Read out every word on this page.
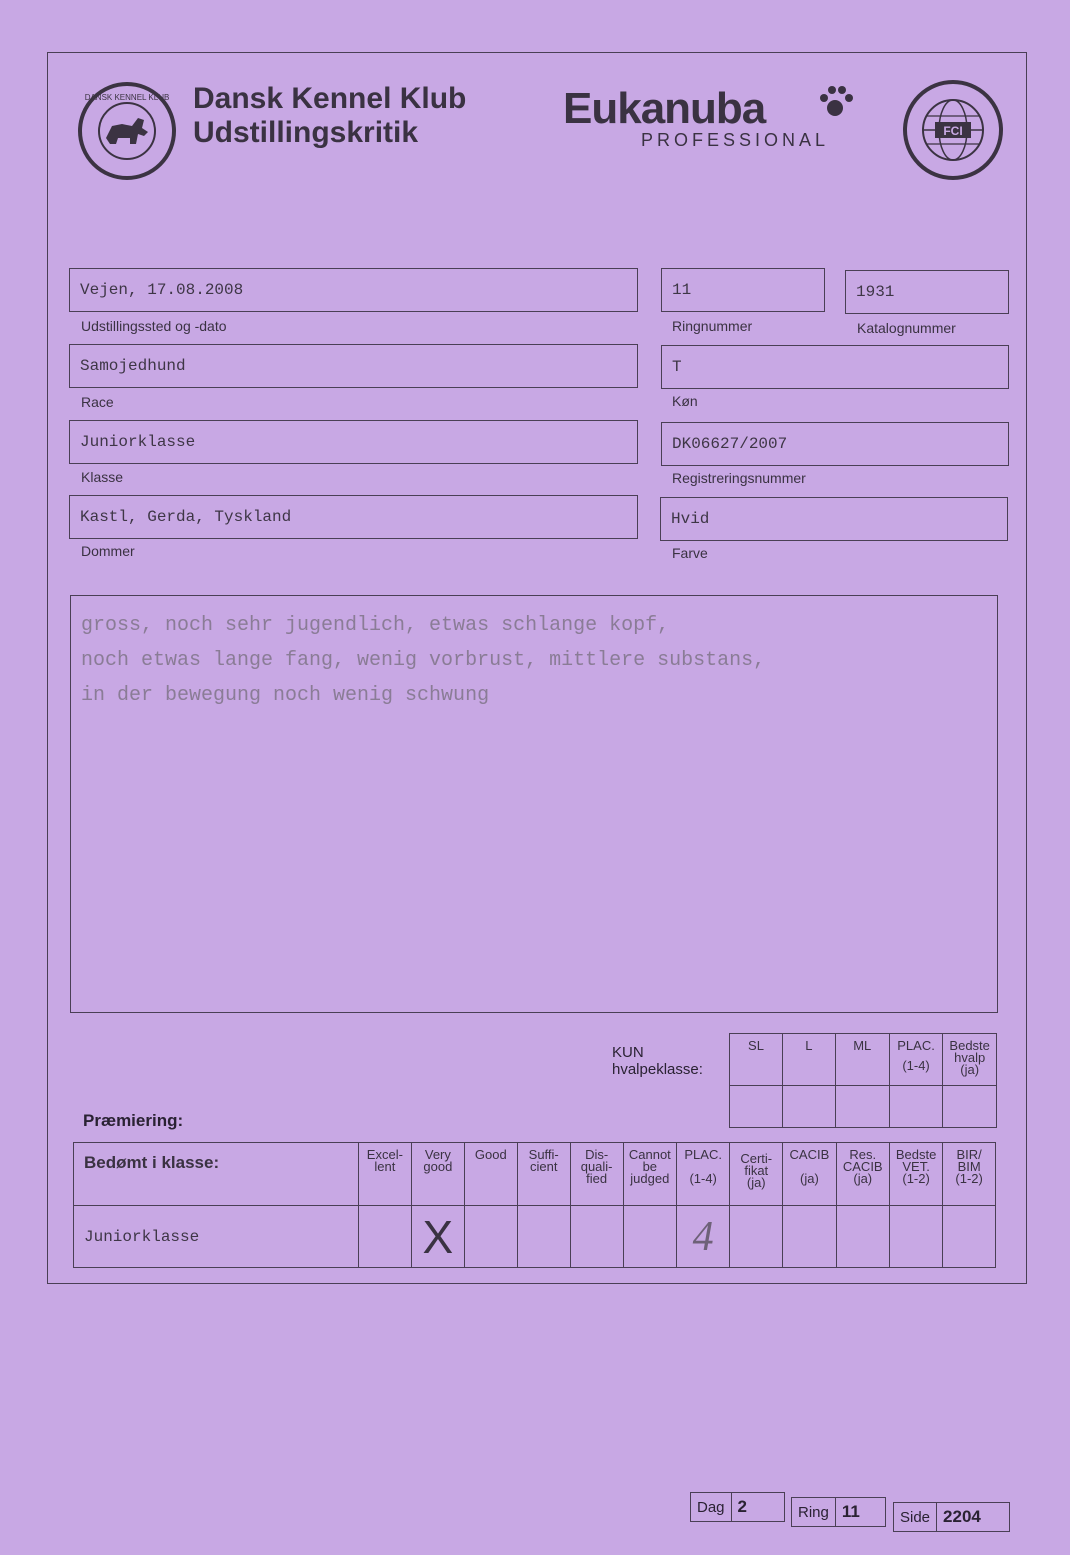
DANSK KENNEL KLUB Dansk Kennel Klub
Udstillingskritik	Eukanuba
PROFESSIONAL	FCI
Vejen, 17.08.2008
Udstillingssted og -dato
11
Ringnummer
1931
Katalognummer
Samojedhund
Race
T
Køn
Juniorklasse
Klasse
DK06627/2007
Registreringsnummer
Kastl, Gerda, Tyskland
Dommer
Hvid
Farve
gross, noch sehr jugendlich, etwas schlange kopf,
noch etwas lange fang, wenig vorbrust, mittlere substans,
in der bewegung noch wenig schwung
KUN
hvalpeklasse:
SL	L	ML	PLAC.
(1-4)	Bedste
hvalp
(ja)

Præmiering:
Bedømt i klasse:	Excel-
lent	Very
good	Good	Suffi-
cient	Dis-
quali-
fied	Cannot
be
judged	PLAC.
(1-4)	Certi-
fikat
(ja)	CACIB
(ja)	Res.
CACIB
(ja)	Bedste
VET.
(1-2)	BIR/
BIM
(1-2)

Juniorklasse		X					4					
Dag 2	Ring 11	Side 2204
